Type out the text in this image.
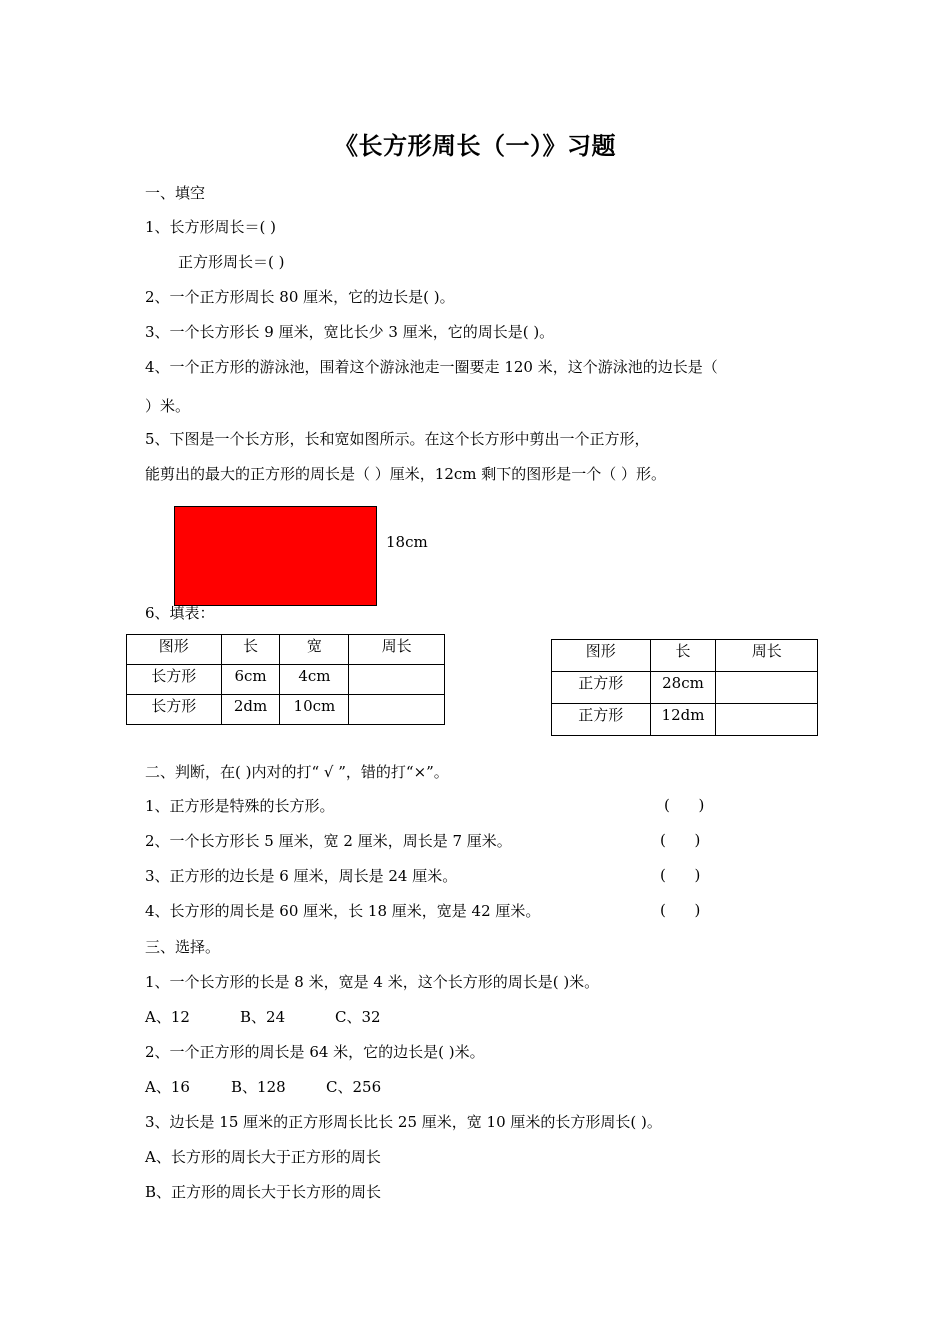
《长方形周长（一）》习题
一、填空
1、长方形周长＝( )
正方形周长＝( )
2、一个正方形周长 80 厘米，它的边长是( )。
3、一个长方形长 9 厘米，宽比长少 3 厘米，它的周长是( )。
4、一个正方形的游泳池，围着这个游泳池走一圈要走 120 米，这个游泳池的边长是（
）米。
5、下图是一个长方形，长和宽如图所示。在这个长方形中剪出一个正方形，
能剪出的最大的正方形的周长是（ ）厘米，12cm 剩下的图形是一个（ ）形。
18cm
6、填表：
图形	长	宽	周长
长方形	6cm	4cm	
长方形	2dm	10cm	
图形	长	周长
正方形	28cm	
正方形	12dm	
二、判断，在( )内对的打“ √ ”，错的打“×”。
1、正方形是特殊的长方形。	(      )
2、一个长方形长 5 厘米，宽 2 厘米，周长是 7 厘米。	(      )
3、正方形的边长是 6 厘米，周长是 24 厘米。	(      )
4、长方形的周长是 60 厘米，长 18 厘米，宽是 42 厘米。	(      )
三、选择。
1、一个长方形的长是 8 米，宽是 4 米，这个长方形的周长是( )米。
A、12	B、24	C、32
2、一个正方形的周长是 64 米，它的边长是( )米。
A、16	B、128	C、256
3、边长是 15 厘米的正方形周长比长 25 厘米，宽 10 厘米的长方形周长( )。
A、长方形的周长大于正方形的周长
B、正方形的周长大于长方形的周长
